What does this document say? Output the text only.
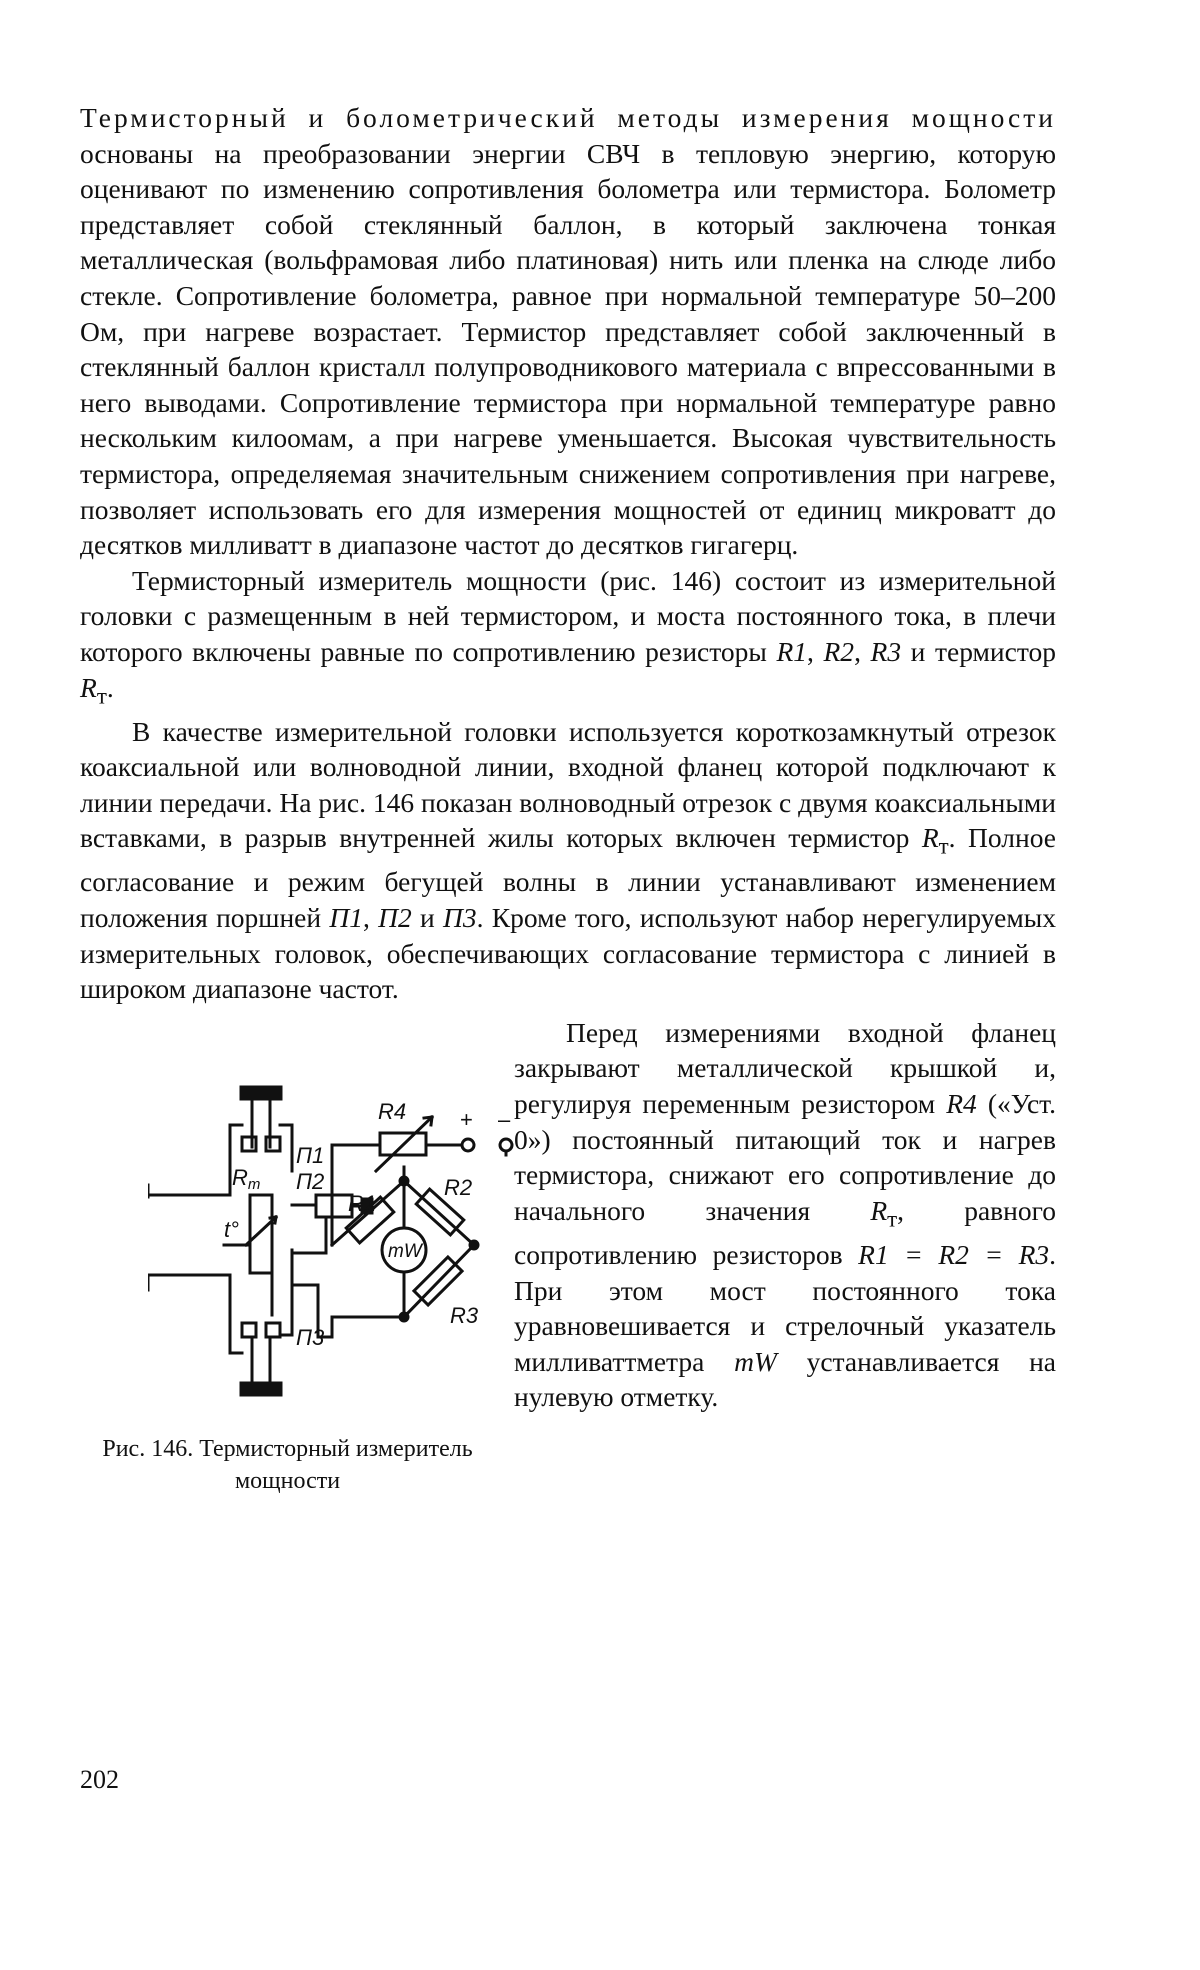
Термисторный и болометрический методы измерения мощности основаны на преобразовании энергии СВЧ в тепловую энергию, которую оценивают по изменению сопротивления болометра или термистора. Болометр представляет собой стеклянный баллон, в который заключена тонкая металлическая (вольфрамовая либо платиновая) нить или пленка на слюде либо стекле. Сопротивление болометра, равное при нормальной температуре 50–200 Ом, при нагреве возрастает. Термистор представляет собой заключенный в стеклянный баллон кристалл полупроводникового материала с впрессованными в него выводами. Сопротивление термистора при нормальной температуре равно нескольким килоомам, а при нагреве уменьшается. Высокая чувствительность термистора, определяемая значительным снижением сопротивления при нагреве, позволяет использовать его для измерения мощностей от единиц микроватт до десятков милливатт в диапазоне частот до десятков гигагерц.

Термисторный измеритель мощности (рис. 146) состоит из измерительной головки с размещенным в ней термистором, и моста постоянного тока, в плечи которого включены равные по сопротивлению резисторы R1, R2, R3 и термистор Rт.

В качестве измерительной головки используется короткозамкнутый отрезок коаксиальной или волноводной линии, входной фланец которой подключают к линии передачи. На рис. 146 показан волноводный отрезок с двумя коаксиальными вставками, в разрыв внутренней жилы которых включен термистор Rт. Полное согласование и режим бегущей волны в линии устанавливают изменением положения поршней П1, П2 и П3. Кроме того, используют набор нерегулируемых измерительных головок, обеспечивающих согласование термистора с линией в широком диапазоне частот.

П1
П2
П3
Rт
t°
R1
R2
R3
R4 + –
mW
Рис. 146. Термисторный измеритель мощности

Перед измерениями входной фланец закрывают металлической крышкой и, регулируя переменным резистором R4 («Уст. 0») постоянный питающий ток и нагрев термистора, снижают его сопротивление до начального значения Rт, равного сопротивлению резисторов R1 = R2 = R3. При этом мост постоянного тока уравновешивается и стрелочный указатель милливаттметра mW устанавливается на нулевую отметку.

202
